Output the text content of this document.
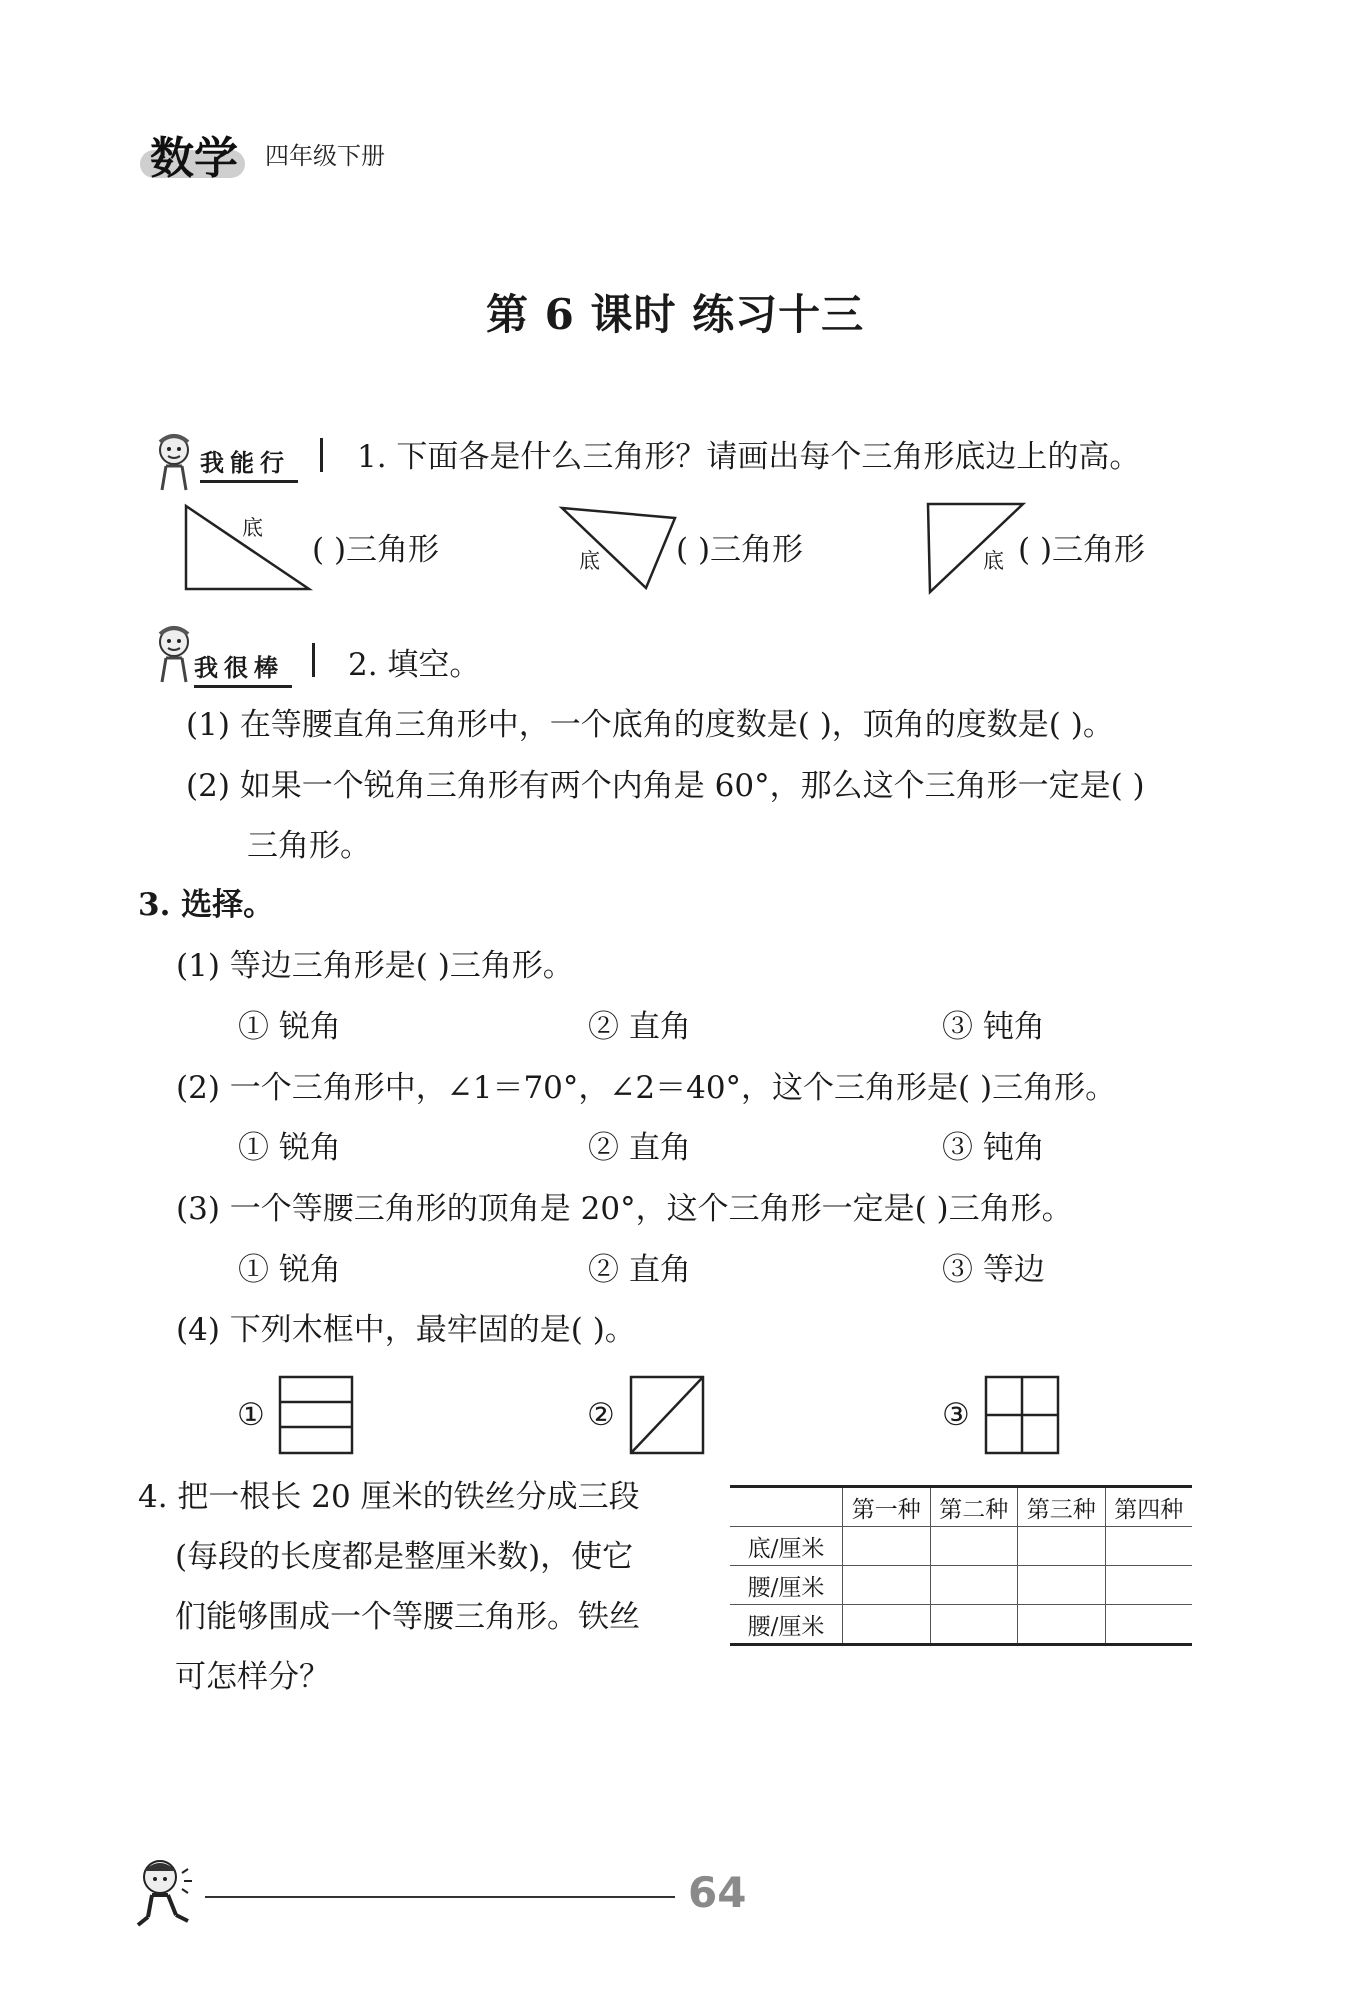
数学 四年级下册
第 6 课时 练习十三
我能行 1. 下面各是什么三角形？请画出每个三角形底边上的高。
底
( )三角形	底 ( )三角形	底 ( )三角形
我很棒 2. 填空。
(1) 在等腰直角三角形中，一个底角的度数是( )，顶角的度数是( )。
(2) 如果一个锐角三角形有两个内角是 60°，那么这个三角形一定是( )
三角形。
3. 选择。
(1) 等边三角形是( )三角形。
① 锐角	② 直角	③ 钝角
(2) 一个三角形中，∠1＝70°，∠2＝40°，这个三角形是( )三角形。
① 锐角	② 直角	③ 钝角
(3) 一个等腰三角形的顶角是 20°，这个三角形一定是( )三角形。
① 锐角	② 直角	③ 等边
(4) 下列木框中，最牢固的是( )。
①	②	③
4. 把一根长 20 厘米的铁丝分成三段
(每段的长度都是整厘米数)，使它
们能够围成一个等腰三角形。铁丝
可怎样分？
	第一种	第二种	第三种	第四种
底/厘米				
腰/厘米				
腰/厘米				
64
